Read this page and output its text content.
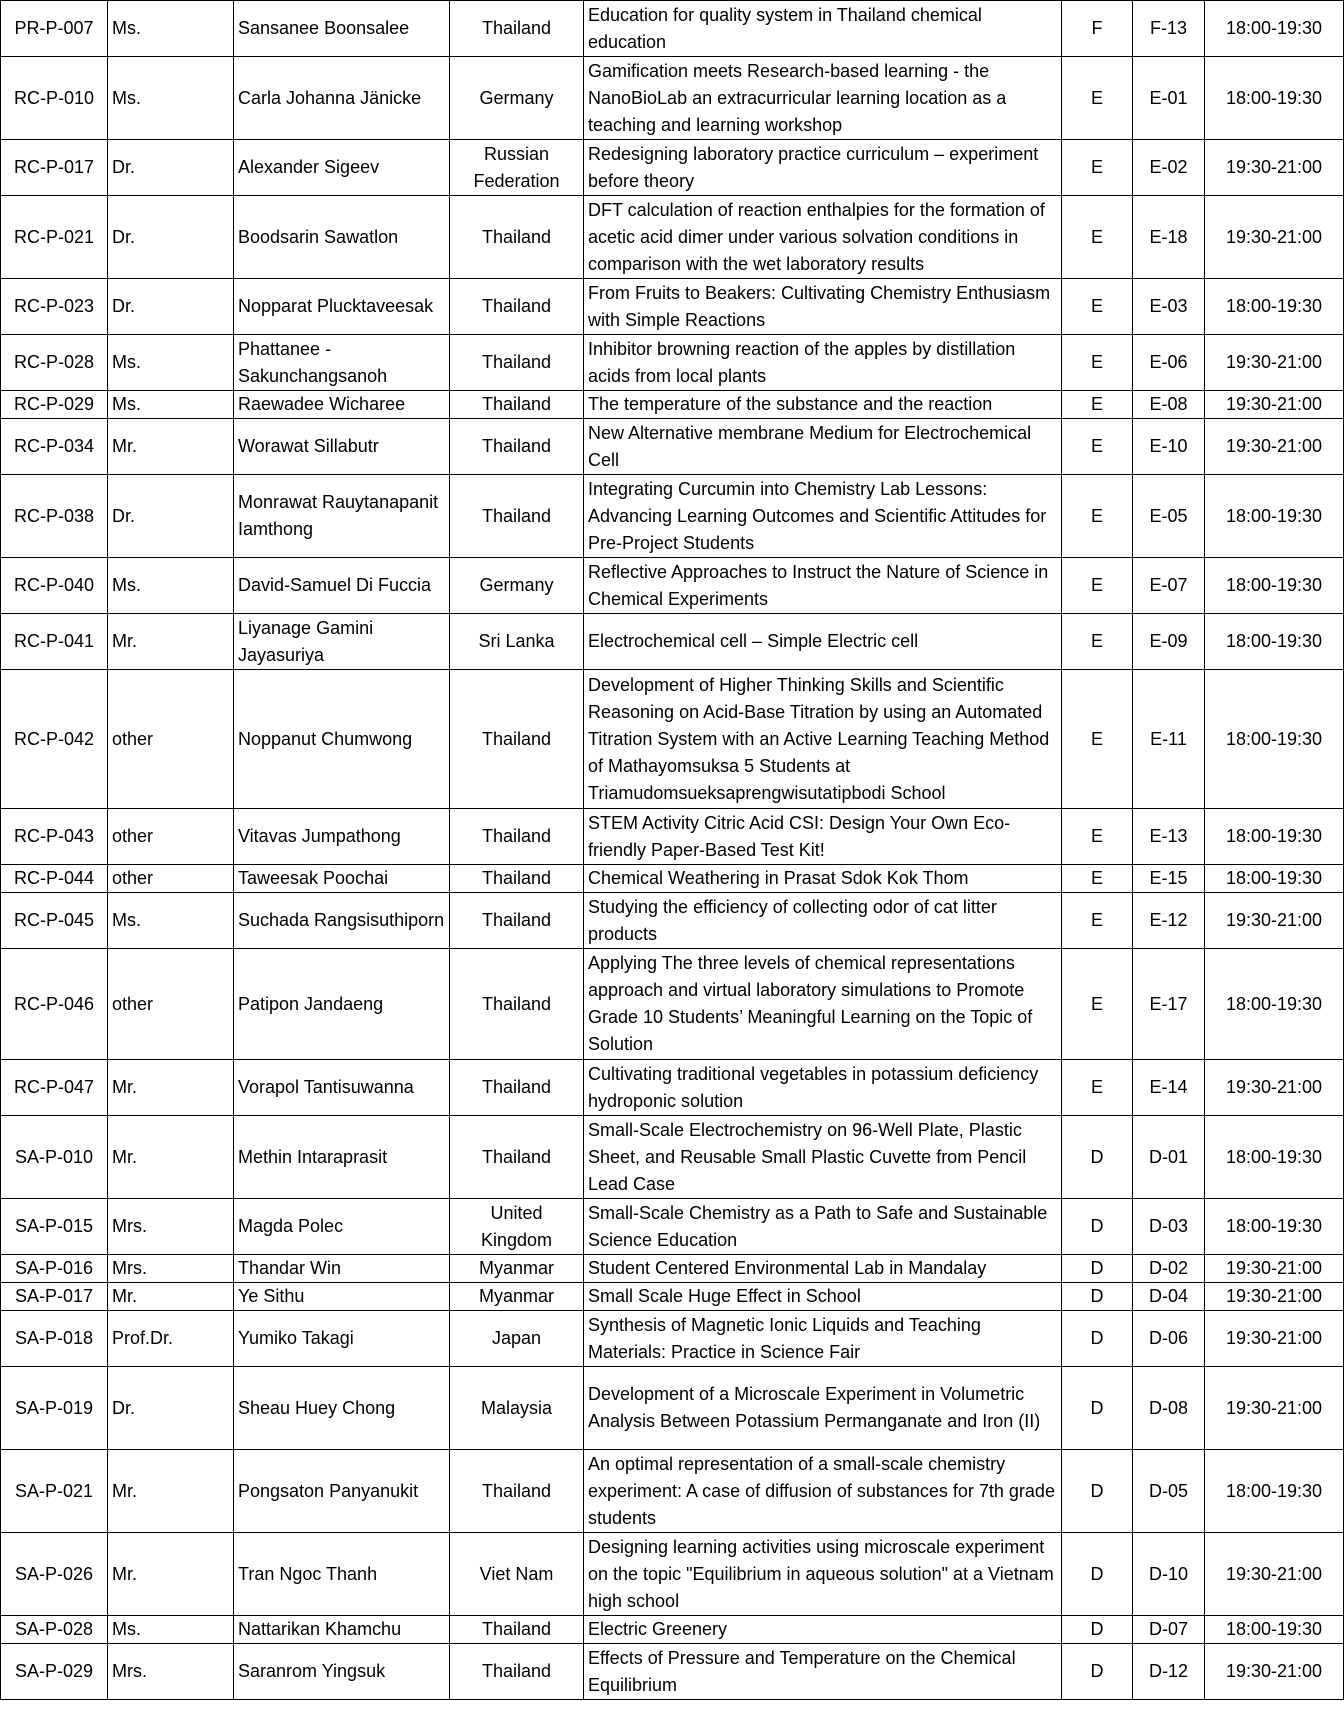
PR-P-007	Ms.	Sansanee Boonsalee	Thailand	Education for quality system in Thailand chemical education	F	F-13	18:00-19:30
RC-P-010	Ms.	Carla Johanna Jänicke	Germany	Gamification meets Research-based learning - the NanoBioLab an extracurricular learning location as a teaching and learning workshop	E	E-01	18:00-19:30
RC-P-017	Dr.	Alexander Sigeev	Russian Federation	Redesigning laboratory practice curriculum – experiment before theory	E	E-02	19:30-21:00
RC-P-021	Dr.	Boodsarin Sawatlon	Thailand	DFT calculation of reaction enthalpies for the formation of acetic acid dimer under various solvation conditions in comparison with the wet laboratory results	E	E-18	19:30-21:00
RC-P-023	Dr.	Nopparat Plucktaveesak	Thailand	From Fruits to Beakers: Cultivating Chemistry Enthusiasm with Simple Reactions	E	E-03	18:00-19:30
RC-P-028	Ms.	Phattanee - Sakunchangsanoh	Thailand	Inhibitor browning reaction of the apples by distillation acids from local plants	E	E-06	19:30-21:00
RC-P-029	Ms.	Raewadee Wicharee	Thailand	The temperature of the substance and the reaction	E	E-08	19:30-21:00
RC-P-034	Mr.	Worawat Sillabutr	Thailand	New Alternative membrane Medium for Electrochemical Cell	E	E-10	19:30-21:00
RC-P-038	Dr.	Monrawat Rauytanapanit Iamthong	Thailand	Integrating Curcumin into Chemistry Lab Lessons: Advancing Learning Outcomes and Scientific Attitudes for Pre-Project Students	E	E-05	18:00-19:30
RC-P-040	Ms.	David-Samuel Di Fuccia	Germany	Reflective Approaches to Instruct the Nature of Science in Chemical Experiments	E	E-07	18:00-19:30
RC-P-041	Mr.	Liyanage Gamini Jayasuriya	Sri Lanka	Electrochemical cell – Simple Electric cell	E	E-09	18:00-19:30
RC-P-042	other	Noppanut Chumwong	Thailand	Development of Higher Thinking Skills and Scientific Reasoning on Acid-Base Titration by using an Automated Titration System with an Active Learning Teaching Method of Mathayomsuksa 5 Students at Triamudomsueksaprengwisutatipbodi School	E	E-11	18:00-19:30
RC-P-043	other	Vitavas Jumpathong	Thailand	STEM Activity Citric Acid CSI: Design Your Own Eco-friendly Paper-Based Test Kit!	E	E-13	18:00-19:30
RC-P-044	other	Taweesak Poochai	Thailand	Chemical Weathering in Prasat Sdok Kok Thom	E	E-15	18:00-19:30
RC-P-045	Ms.	Suchada Rangsisuthiporn	Thailand	Studying the efficiency of collecting odor of cat litter products	E	E-12	19:30-21:00
RC-P-046	other	Patipon Jandaeng	Thailand	Applying The three levels of chemical representations approach and virtual laboratory simulations to Promote Grade 10 Students’ Meaningful Learning on the Topic of Solution	E	E-17	18:00-19:30
RC-P-047	Mr.	Vorapol Tantisuwanna	Thailand	Cultivating traditional vegetables in potassium deficiency hydroponic solution	E	E-14	19:30-21:00
SA-P-010	Mr.	Methin Intaraprasit	Thailand	Small-Scale Electrochemistry on 96-Well Plate, Plastic Sheet, and Reusable Small Plastic Cuvette from Pencil Lead Case	D	D-01	18:00-19:30
SA-P-015	Mrs.	Magda Polec	United Kingdom	Small-Scale Chemistry as a Path to Safe and Sustainable Science Education	D	D-03	18:00-19:30
SA-P-016	Mrs.	Thandar Win	Myanmar	Student Centered Environmental Lab in Mandalay	D	D-02	19:30-21:00
SA-P-017	Mr.	Ye Sithu	Myanmar	Small Scale Huge Effect in School	D	D-04	19:30-21:00
SA-P-018	Prof.Dr.	Yumiko Takagi	Japan	Synthesis of Magnetic Ionic Liquids and Teaching Materials: Practice in Science Fair	D	D-06	19:30-21:00
SA-P-019	Dr.	Sheau Huey Chong	Malaysia	Development of a Microscale Experiment in Volumetric Analysis Between Potassium Permanganate and Iron (II)	D	D-08	19:30-21:00
SA-P-021	Mr.	Pongsaton Panyanukit	Thailand	An optimal representation of a small-scale chemistry experiment: A case of diffusion of substances for 7th grade students	D	D-05	18:00-19:30
SA-P-026	Mr.	Tran Ngoc Thanh	Viet Nam	Designing learning activities using microscale experiment on the topic "Equilibrium in aqueous solution" at a Vietnam high school	D	D-10	19:30-21:00
SA-P-028	Ms.	Nattarikan Khamchu	Thailand	Electric Greenery	D	D-07	18:00-19:30
SA-P-029	Mrs.	Saranrom Yingsuk	Thailand	Effects of Pressure and Temperature on the Chemical Equilibrium	D	D-12	19:30-21:00
